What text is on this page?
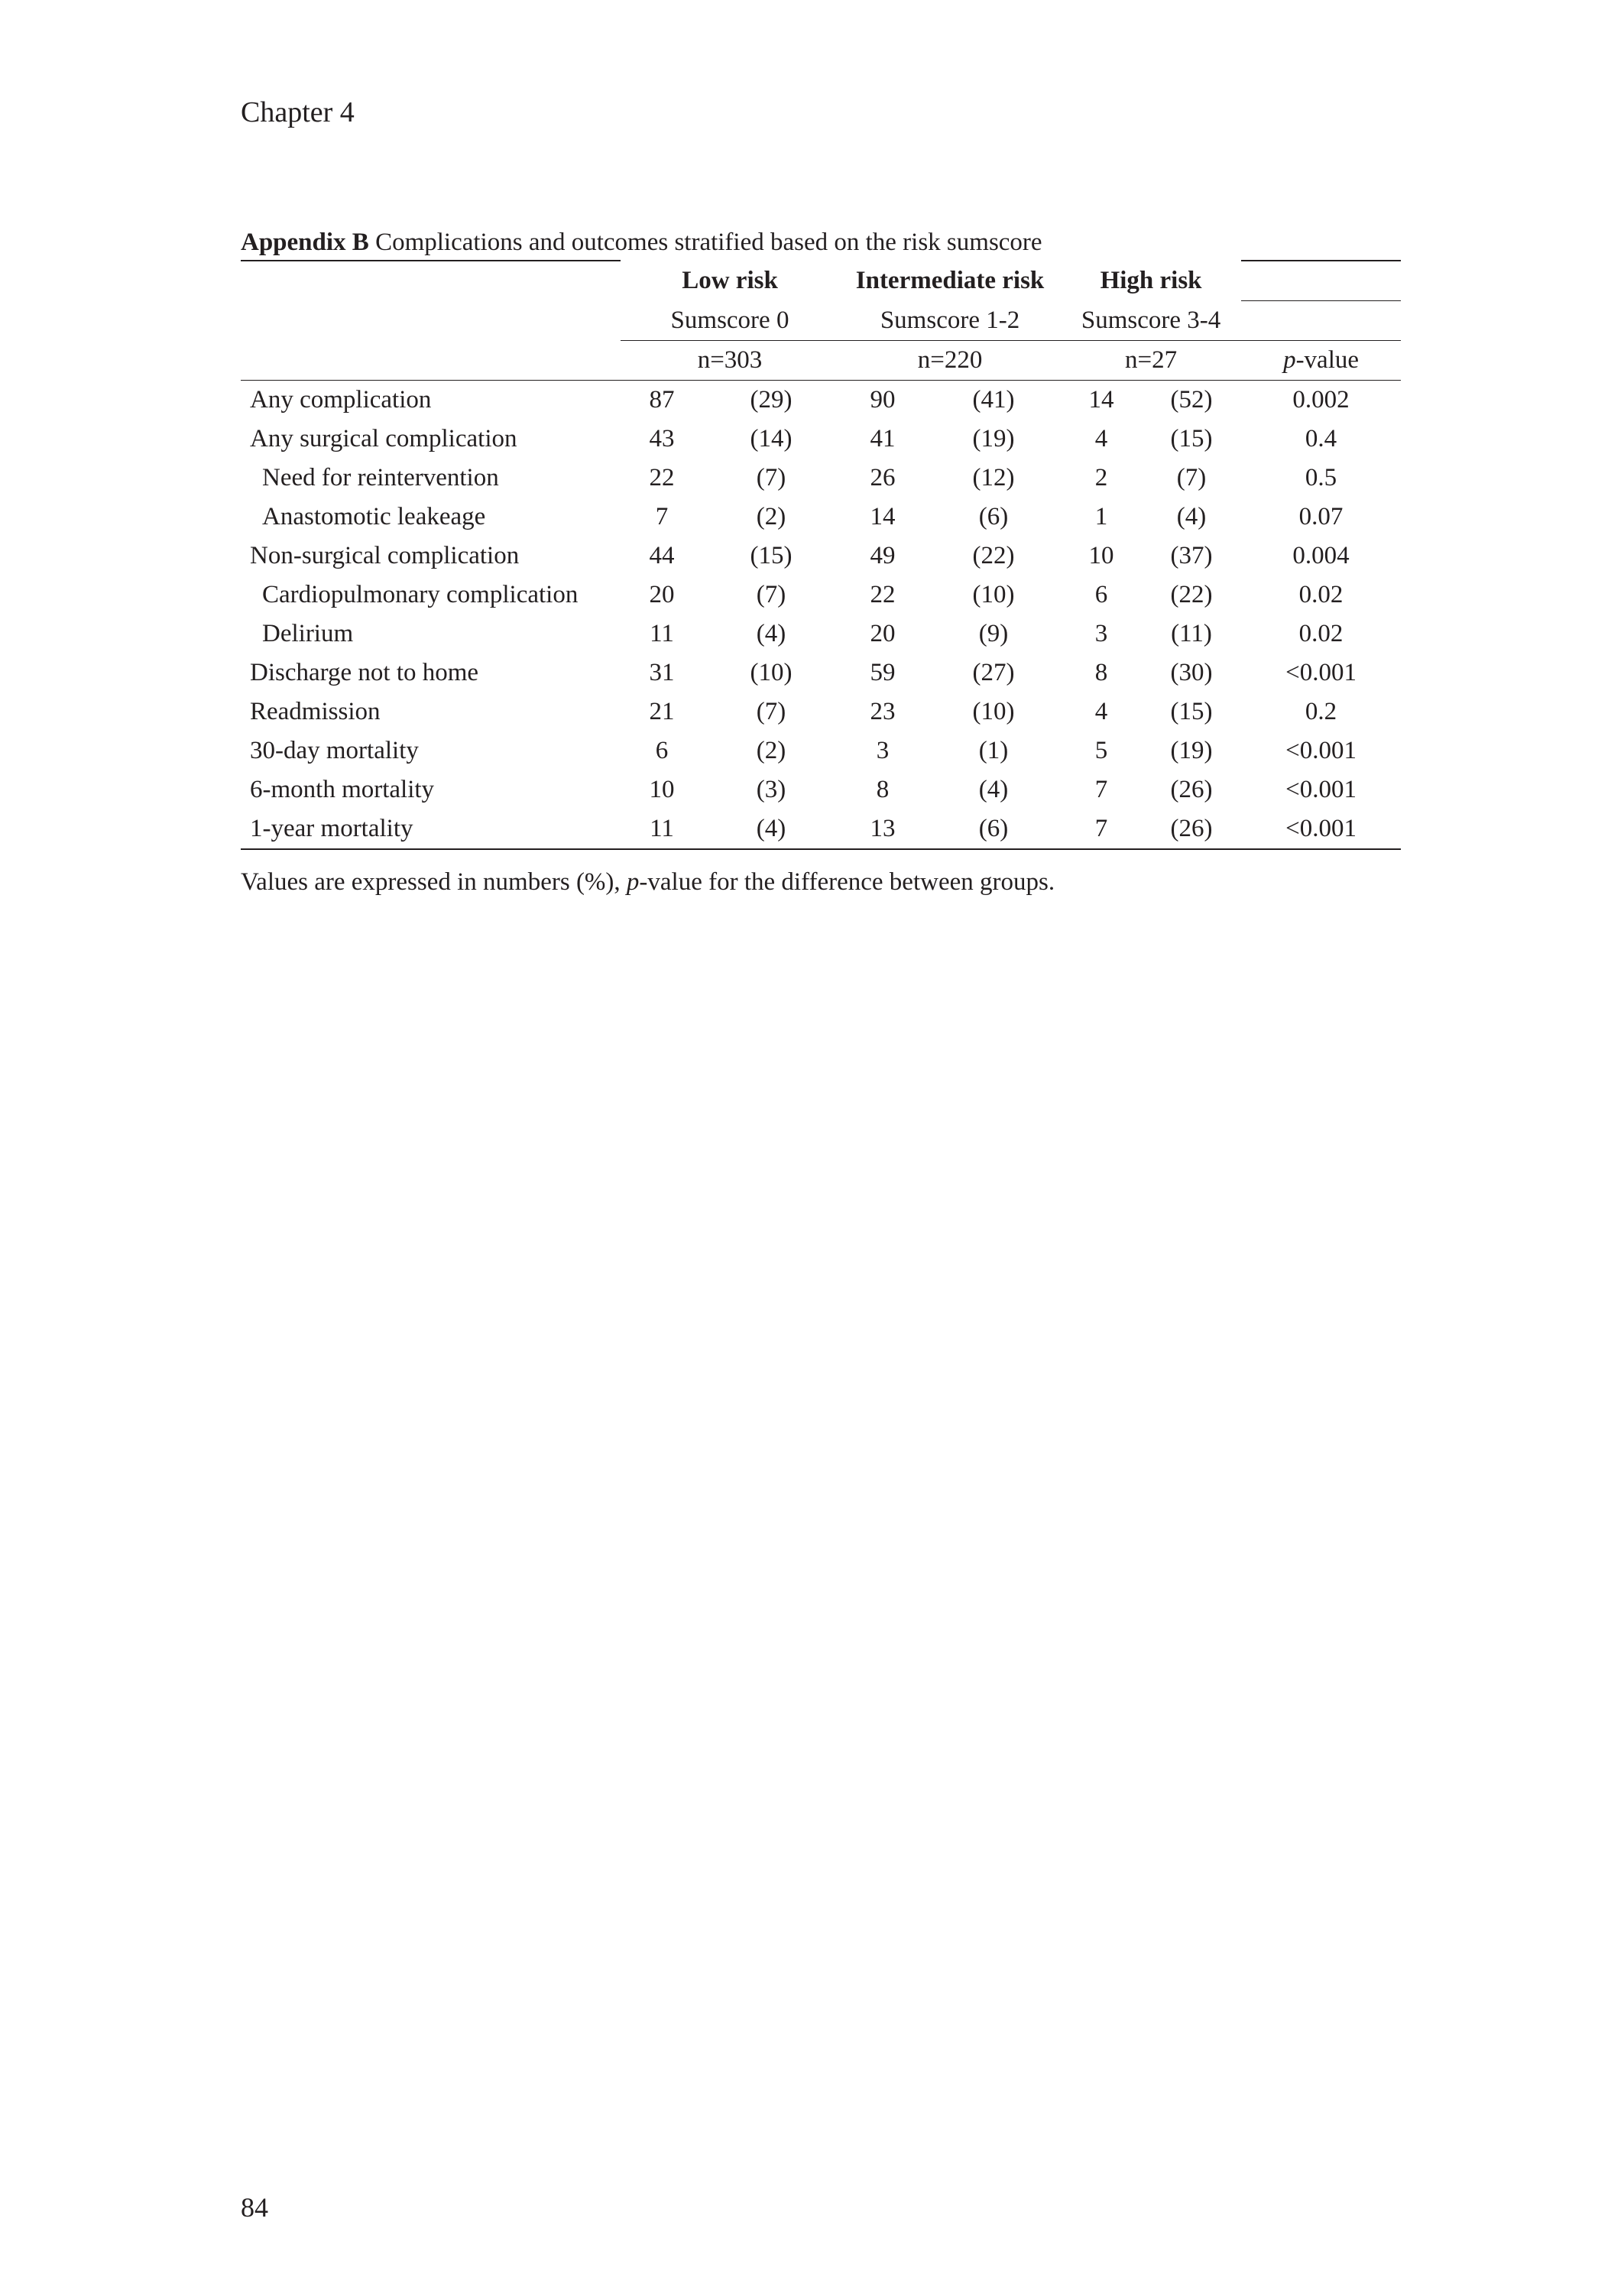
Chapter 4
Appendix B Complications and outcomes stratified based on the risk sumscore
	Low risk		Intermediate risk		High risk		
	Sumscore 0		Sumscore 1-2		Sumscore 3-4		
	n=303		n=220		n=27		p-value
Any complication	87	(29)	90	(41)	14	(52)	0.002
Any surgical complication	43	(14)	41	(19)	4	(15)	0.4
Need for reintervention	22	(7)	26	(12)	2	(7)	0.5
Anastomotic leakeage	7	(2)	14	(6)	1	(4)	0.07
Non-surgical complication	44	(15)	49	(22)	10	(37)	0.004
Cardiopulmonary complication	20	(7)	22	(10)	6	(22)	0.02
Delirium	11	(4)	20	(9)	3	(11)	0.02
Discharge not to home	31	(10)	59	(27)	8	(30)	<0.001
Readmission	21	(7)	23	(10)	4	(15)	0.2
30-day mortality	6	(2)	3	(1)	5	(19)	<0.001
6-month mortality	10	(3)	8	(4)	7	(26)	<0.001
1-year mortality	11	(4)	13	(6)	7	(26)	<0.001
Values are expressed in numbers (%), p-value for the difference between groups.
84
